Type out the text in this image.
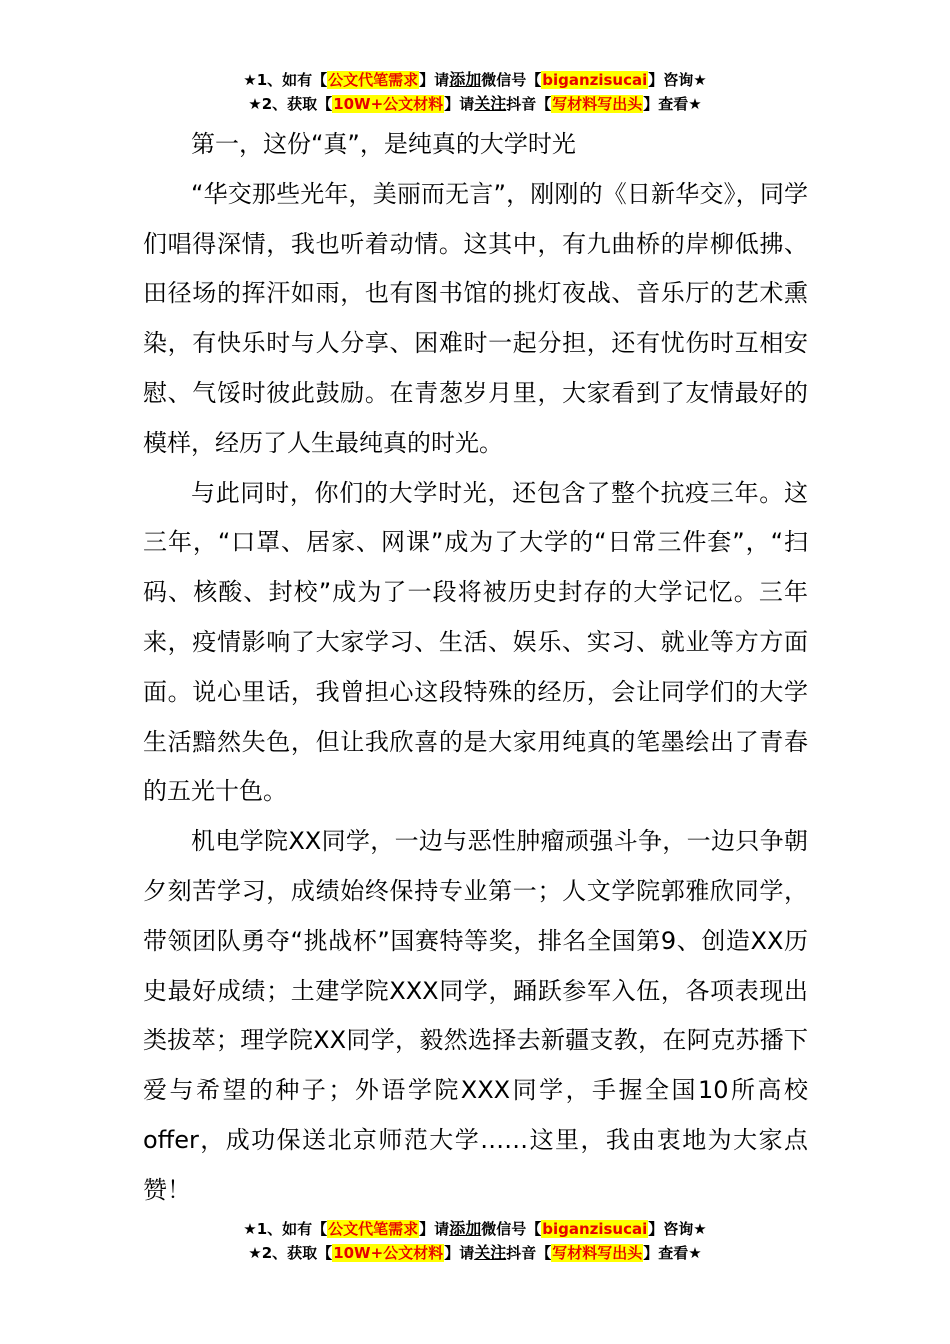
★1、如有【公文代笔需求】请添加微信号【biganzisucai】咨询★
★2、获取【10W+公文材料】请关注抖音【写材料写出头】查看★

第一，这份“真”，是纯真的大学时光

“华交那些光年，美丽而无言”，刚刚的《日新华交》，同学们唱得深情，我也听着动情。这其中，有九曲桥的岸柳低拂、田径场的挥汗如雨，也有图书馆的挑灯夜战、音乐厅的艺术熏染，有快乐时与人分享、困难时一起分担，还有忧伤时互相安慰、气馁时彼此鼓励。在青葱岁月里，大家看到了友情最好的模样，经历了人生最纯真的时光。

与此同时，你们的大学时光，还包含了整个抗疫三年。这三年，“口罩、居家、网课”成为了大学的“日常三件套”，“扫码、核酸、封校”成为了一段将被历史封存的大学记忆。三年来，疫情影响了大家学习、生活、娱乐、实习、就业等方方面面。说心里话，我曾担心这段特殊的经历，会让同学们的大学生活黯然失色，但让我欣喜的是大家用纯真的笔墨绘出了青春的五光十色。

机电学院XX同学，一边与恶性肿瘤顽强斗争，一边只争朝夕刻苦学习，成绩始终保持专业第一；人文学院郭雅欣同学，带领团队勇夺“挑战杯”国赛特等奖，排名全国第9、创造XX历史最好成绩；土建学院XXX同学，踊跃参军入伍，各项表现出类拔萃；理学院XX同学，毅然选择去新疆支教，在阿克苏播下爱与希望的种子；外语学院XXX同学，手握全国10所高校offer，成功保送北京师范大学……这里，我由衷地为大家点赞！

★1、如有【公文代笔需求】请添加微信号【biganzisucai】咨询★
★2、获取【10W+公文材料】请关注抖音【写材料写出头】查看★
